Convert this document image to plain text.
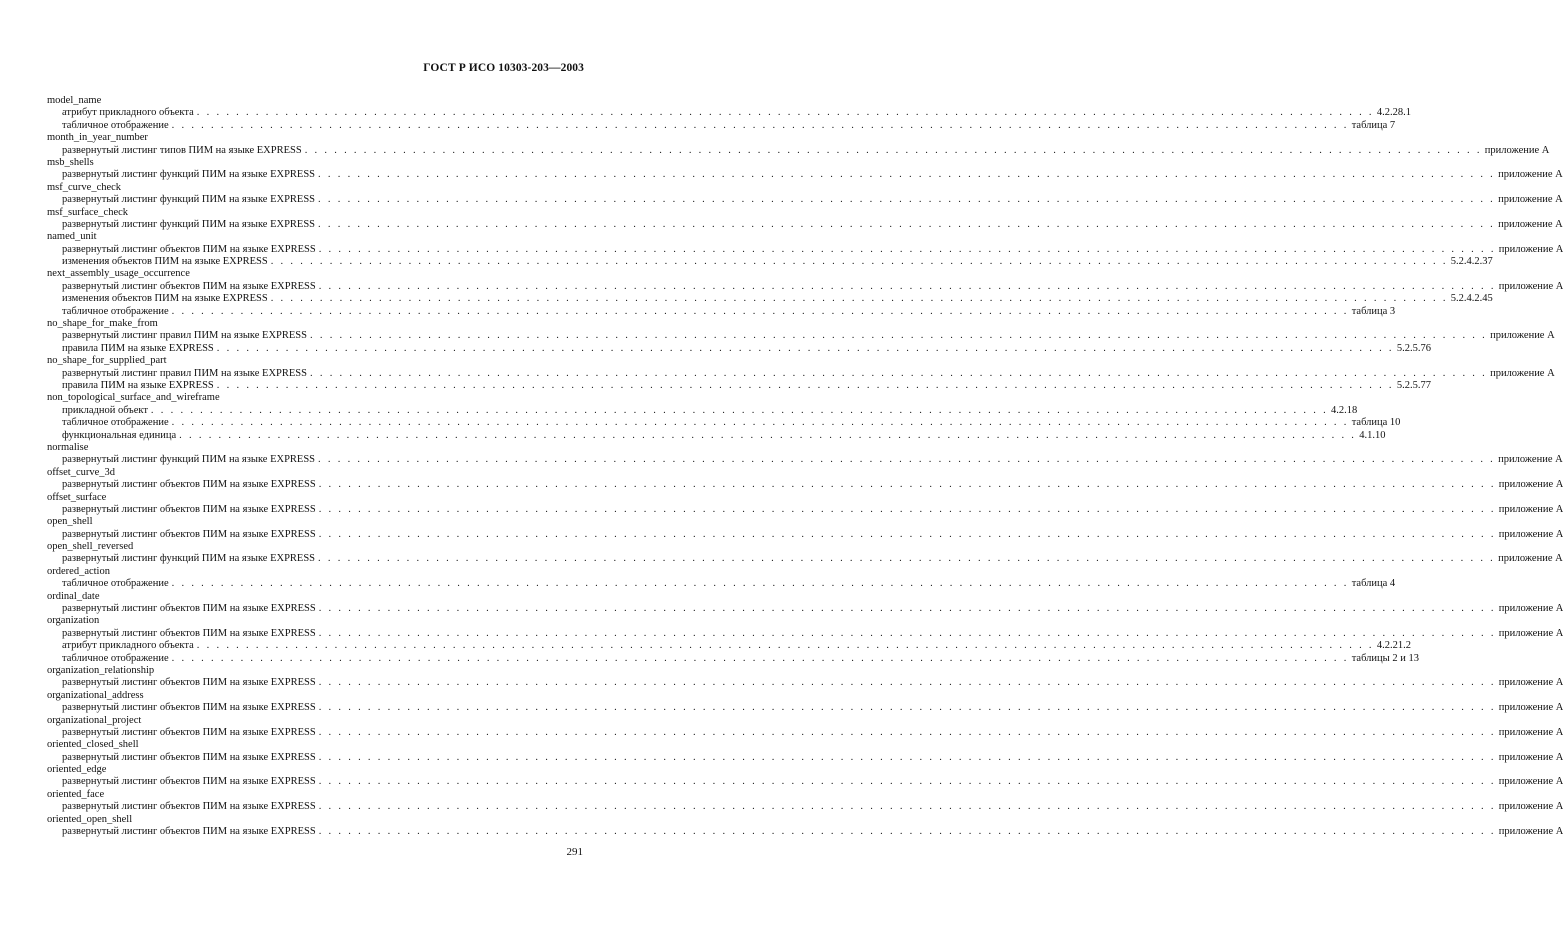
ГОСТ Р ИСО 10303-203—2003
model_name
атрибут прикладного объекта . . . . . . . . . . . . . . . . . . . . . . . . . . . . . . . . . . . . . . . . . . . . . . . . . . . . . . . . . . . . . . . . . . . . . . . . . . . . . . . . . . . . . . . . . . . . . . . . . . . . . . . . . . . . . . . . . . . . . . . . 4.2.28.1
табличное отображение . . . . . . . . . . . . . . . . . . . . . . . . . . . . . . . . . . . . . . . . . . . . . . . . . . . . . . . . . . . . . . . . . . . . . . . . . . . . . . . . . . . . . . . . . . . . . . . . . . . . . . . . . . . . . . . . . . . . . . . . таблица 7
month_in_year_number
развернутый листинг типов ПИМ на языке EXPRESS . . . . . . . . . . . . . . . . . . . . . . . . . . . . . . . . . . . . . . . . . . . . . . . . . . . . . . . . . . . . . . . . . . . . . . . . . . . . . . . . . . . . . . . . . . . . . . . . . . . . . . . . . . . . . . . . . . . . . . . . приложение A
msb_shells
развернутый листинг функций ПИМ на языке EXPRESS . . . . . . . . . . . . . . . . . . . . . . . . . . . . . . . . . . . . . . . . . . . . . . . . . . . . . . . . . . . . . . . . . . . . . . . . . . . . . . . . . . . . . . . . . . . . . . . . . . . . . . . . . . . . . . . . . . . . . . . . приложение A
msf_curve_check
развернутый листинг функций ПИМ на языке EXPRESS . . . . . . . . . . . . . . . . . . . . . . . . . . . . . . . . . . . . . . . . . . . . . . . . . . . . . . . . . . . . . . . . . . . . . . . . . . . . . . . . . . . . . . . . . . . . . . . . . . . . . . . . . . . . . . . . . . . . . . . . приложение A
msf_surface_check
развернутый листинг функций ПИМ на языке EXPRESS . . . . . . . . . . . . . . . . . . . . . . . . . . . . . . . . . . . . . . . . . . . . . . . . . . . . . . . . . . . . . . . . . . . . . . . . . . . . . . . . . . . . . . . . . . . . . . . . . . . . . . . . . . . . . . . . . . . . . . . . приложение A
named_unit
развернутый листинг объектов ПИМ на языке EXPRESS . . . . . . . . . . . . . . . . . . . . . . . . . . . . . . . . . . . . . . . . . . . . . . . . . . . . . . . . . . . . . . . . . . . . . . . . . . . . . . . . . . . . . . . . . . . . . . . . . . . . . . . . . . . . . . . . . . . . . . . . приложение A
изменения объектов ПИМ на языке EXPRESS . . . . . . . . . . . . . . . . . . . . . . . . . . . . . . . . . . . . . . . . . . . . . . . . . . . . . . . . . . . . . . . . . . . . . . . . . . . . . . . . . . . . . . . . . . . . . . . . . . . . . . . . . . . . . . . . . . . . . . . . 5.2.4.2.37
next_assembly_usage_occurrence
развернутый листинг объектов ПИМ на языке EXPRESS . . . . . . . . . . . . . . . . . . . . . . . . . . . . . . . . . . . . . . . . . . . . . . . . . . . . . . . . . . . . . . . . . . . . . . . . . . . . . . . . . . . . . . . . . . . . . . . . . . . . . . . . . . . . . . . . . . . . . . . . приложение A
изменения объектов ПИМ на языке EXPRESS . . . . . . . . . . . . . . . . . . . . . . . . . . . . . . . . . . . . . . . . . . . . . . . . . . . . . . . . . . . . . . . . . . . . . . . . . . . . . . . . . . . . . . . . . . . . . . . . . . . . . . . . . . . . . . . . . . . . . . . . 5.2.4.2.45
табличное отображение . . . . . . . . . . . . . . . . . . . . . . . . . . . . . . . . . . . . . . . . . . . . . . . . . . . . . . . . . . . . . . . . . . . . . . . . . . . . . . . . . . . . . . . . . . . . . . . . . . . . . . . . . . . . . . . . . . . . . . . . таблица 3
no_shape_for_make_from
развернутый листинг правил ПИМ на языке EXPRESS . . . . . . . . . . . . . . . . . . . . . . . . . . . . . . . . . . . . . . . . . . . . . . . . . . . . . . . . . . . . . . . . . . . . . . . . . . . . . . . . . . . . . . . . . . . . . . . . . . . . . . . . . . . . . . . . . . . . . . . . приложение A
правила ПИМ на языке EXPRESS . . . . . . . . . . . . . . . . . . . . . . . . . . . . . . . . . . . . . . . . . . . . . . . . . . . . . . . . . . . . . . . . . . . . . . . . . . . . . . . . . . . . . . . . . . . . . . . . . . . . . . . . . . . . . . . . . . . . . . . . 5.2.5.76
no_shape_for_supplied_part
развернутый листинг правил ПИМ на языке EXPRESS . . . . . . . . . . . . . . . . . . . . . . . . . . . . . . . . . . . . . . . . . . . . . . . . . . . . . . . . . . . . . . . . . . . . . . . . . . . . . . . . . . . . . . . . . . . . . . . . . . . . . . . . . . . . . . . . . . . . . . . . приложение A
правила ПИМ на языке EXPRESS . . . . . . . . . . . . . . . . . . . . . . . . . . . . . . . . . . . . . . . . . . . . . . . . . . . . . . . . . . . . . . . . . . . . . . . . . . . . . . . . . . . . . . . . . . . . . . . . . . . . . . . . . . . . . . . . . . . . . . . . 5.2.5.77
non_topological_surface_and_wireframe
прикладной объект . . . . . . . . . . . . . . . . . . . . . . . . . . . . . . . . . . . . . . . . . . . . . . . . . . . . . . . . . . . . . . . . . . . . . . . . . . . . . . . . . . . . . . . . . . . . . . . . . . . . . . . . . . . . . . . . . . . . . . . . 4.2.18
табличное отображение . . . . . . . . . . . . . . . . . . . . . . . . . . . . . . . . . . . . . . . . . . . . . . . . . . . . . . . . . . . . . . . . . . . . . . . . . . . . . . . . . . . . . . . . . . . . . . . . . . . . . . . . . . . . . . . . . . . . . . . . таблица 10
функциональная единица . . . . . . . . . . . . . . . . . . . . . . . . . . . . . . . . . . . . . . . . . . . . . . . . . . . . . . . . . . . . . . . . . . . . . . . . . . . . . . . . . . . . . . . . . . . . . . . . . . . . . . . . . . . . . . . . . . . . . . . . 4.1.10
normalise
развернутый листинг функций ПИМ на языке EXPRESS . . . . . . . . . . . . . . . . . . . . . . . . . . . . . . . . . . . . . . . . . . . . . . . . . . . . . . . . . . . . . . . . . . . . . . . . . . . . . . . . . . . . . . . . . . . . . . . . . . . . . . . . . . . . . . . . . . . . . . . . приложение A
offset_curve_3d
развернутый листинг объектов ПИМ на языке EXPRESS . . . . . . . . . . . . . . . . . . . . . . . . . . . . . . . . . . . . . . . . . . . . . . . . . . . . . . . . . . . . . . . . . . . . . . . . . . . . . . . . . . . . . . . . . . . . . . . . . . . . . . . . . . . . . . . . . . . . . . . . приложение A
offset_surface
развернутый листинг объектов ПИМ на языке EXPRESS . . . . . . . . . . . . . . . . . . . . . . . . . . . . . . . . . . . . . . . . . . . . . . . . . . . . . . . . . . . . . . . . . . . . . . . . . . . . . . . . . . . . . . . . . . . . . . . . . . . . . . . . . . . . . . . . . . . . . . . . приложение A
open_shell
развернутый листинг объектов ПИМ на языке EXPRESS . . . . . . . . . . . . . . . . . . . . . . . . . . . . . . . . . . . . . . . . . . . . . . . . . . . . . . . . . . . . . . . . . . . . . . . . . . . . . . . . . . . . . . . . . . . . . . . . . . . . . . . . . . . . . . . . . . . . . . . . приложение A
open_shell_reversed
развернутый листинг функций ПИМ на языке EXPRESS . . . . . . . . . . . . . . . . . . . . . . . . . . . . . . . . . . . . . . . . . . . . . . . . . . . . . . . . . . . . . . . . . . . . . . . . . . . . . . . . . . . . . . . . . . . . . . . . . . . . . . . . . . . . . . . . . . . . . . . . приложение A
ordered_action
табличное отображение . . . . . . . . . . . . . . . . . . . . . . . . . . . . . . . . . . . . . . . . . . . . . . . . . . . . . . . . . . . . . . . . . . . . . . . . . . . . . . . . . . . . . . . . . . . . . . . . . . . . . . . . . . . . . . . . . . . . . . . . таблица 4
ordinal_date
развернутый листинг объектов ПИМ на языке EXPRESS . . . . . . . . . . . . . . . . . . . . . . . . . . . . . . . . . . . . . . . . . . . . . . . . . . . . . . . . . . . . . . . . . . . . . . . . . . . . . . . . . . . . . . . . . . . . . . . . . . . . . . . . . . . . . . . . . . . . . . . . приложение A
organization
развернутый листинг объектов ПИМ на языке EXPRESS . . . . . . . . . . . . . . . . . . . . . . . . . . . . . . . . . . . . . . . . . . . . . . . . . . . . . . . . . . . . . . . . . . . . . . . . . . . . . . . . . . . . . . . . . . . . . . . . . . . . . . . . . . . . . . . . . . . . . . . . приложение A
атрибут прикладного объекта . . . . . . . . . . . . . . . . . . . . . . . . . . . . . . . . . . . . . . . . . . . . . . . . . . . . . . . . . . . . . . . . . . . . . . . . . . . . . . . . . . . . . . . . . . . . . . . . . . . . . . . . . . . . . . . . . . . . . . . . 4.2.21.2
табличное отображение . . . . . . . . . . . . . . . . . . . . . . . . . . . . . . . . . . . . . . . . . . . . . . . . . . . . . . . . . . . . . . . . . . . . . . . . . . . . . . . . . . . . . . . . . . . . . . . . . . . . . . . . . . . . . . . . . . . . . . . . таблицы 2 и 13
organization_relationship
развернутый листинг объектов ПИМ на языке EXPRESS . . . . . . . . . . . . . . . . . . . . . . . . . . . . . . . . . . . . . . . . . . . . . . . . . . . . . . . . . . . . . . . . . . . . . . . . . . . . . . . . . . . . . . . . . . . . . . . . . . . . . . . . . . . . . . . . . . . . . . . . приложение A
organizational_address
развернутый листинг объектов ПИМ на языке EXPRESS . . . . . . . . . . . . . . . . . . . . . . . . . . . . . . . . . . . . . . . . . . . . . . . . . . . . . . . . . . . . . . . . . . . . . . . . . . . . . . . . . . . . . . . . . . . . . . . . . . . . . . . . . . . . . . . . . . . . . . . . приложение A
organizational_project
развернутый листинг объектов ПИМ на языке EXPRESS . . . . . . . . . . . . . . . . . . . . . . . . . . . . . . . . . . . . . . . . . . . . . . . . . . . . . . . . . . . . . . . . . . . . . . . . . . . . . . . . . . . . . . . . . . . . . . . . . . . . . . . . . . . . . . . . . . . . . . . . приложение A
oriented_closed_shell
развернутый листинг объектов ПИМ на языке EXPRESS . . . . . . . . . . . . . . . . . . . . . . . . . . . . . . . . . . . . . . . . . . . . . . . . . . . . . . . . . . . . . . . . . . . . . . . . . . . . . . . . . . . . . . . . . . . . . . . . . . . . . . . . . . . . . . . . . . . . . . . . приложение A
oriented_edge
развернутый листинг объектов ПИМ на языке EXPRESS . . . . . . . . . . . . . . . . . . . . . . . . . . . . . . . . . . . . . . . . . . . . . . . . . . . . . . . . . . . . . . . . . . . . . . . . . . . . . . . . . . . . . . . . . . . . . . . . . . . . . . . . . . . . . . . . . . . . . . . . приложение A
oriented_face
развернутый листинг объектов ПИМ на языке EXPRESS . . . . . . . . . . . . . . . . . . . . . . . . . . . . . . . . . . . . . . . . . . . . . . . . . . . . . . . . . . . . . . . . . . . . . . . . . . . . . . . . . . . . . . . . . . . . . . . . . . . . . . . . . . . . . . . . . . . . . . . . приложение A
oriented_open_shell
развернутый листинг объектов ПИМ на языке EXPRESS . . . . . . . . . . . . . . . . . . . . . . . . . . . . . . . . . . . . . . . . . . . . . . . . . . . . . . . . . . . . . . . . . . . . . . . . . . . . . . . . . . . . . . . . . . . . . . . . . . . . . . . . . . . . . . . . . . . . . . . . приложение A
291
